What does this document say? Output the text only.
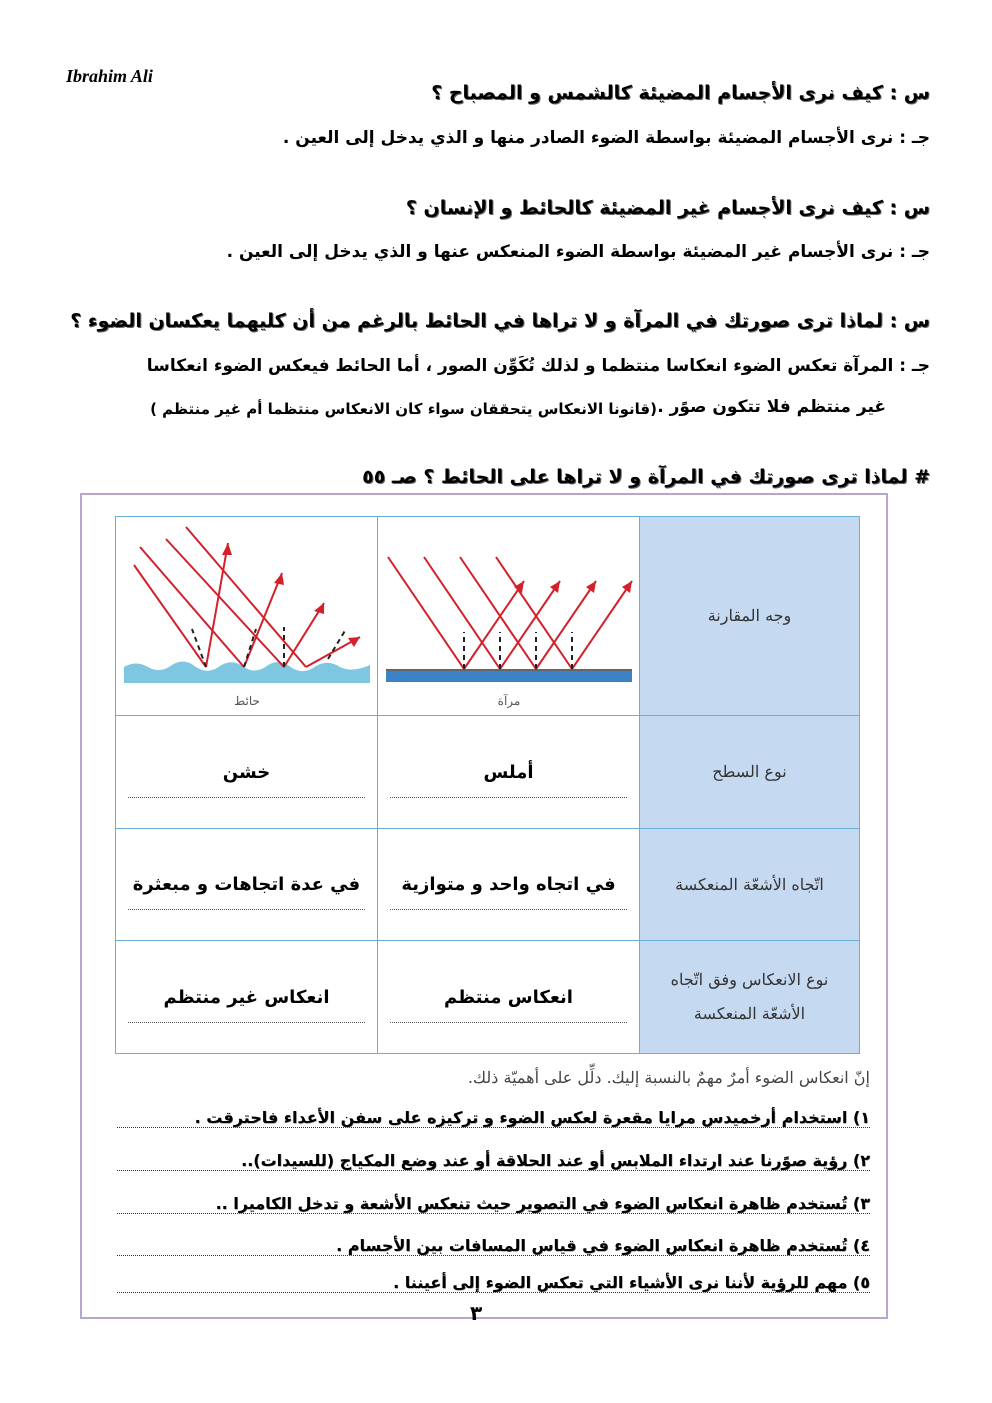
Ibrahim Ali
س : كيف نرى الأجسام المضيئة كالشمس و المصباح ؟
جـ : نرى الأجسام المضيئة بواسطة الضوء الصادر منها و الذي يدخل إلى العين .
س : كيف نرى الأجسام غير المضيئة كالحائط و الإنسان ؟
جـ : نرى الأجسام غير المضيئة بواسطة الضوء المنعكس عنها و الذي يدخل إلى العين .
س : لماذا ترى صورتك في المرآة و لا تراها في الحائط بالرغم من أن كليهما يعكسان الضوء ؟
جـ : المرآة تعكس الضوء انعكاسا منتظما و لذلك تُكَوِّن الصور ، أما الحائط فيعكس الضوء انعكاسا
غير منتظم فلا تتكون صوًر .
(قانونا الانعكاس يتحققان سواء كان الانعكاس منتظما أم غير منتظم )
# لماذا ترى صورتك في المرآة و لا تراها على الحائط ؟ صـ ٥٥
حائط	مرآة	وجه المقارنة
خشن	أملس	نوع السطح
في عدة اتجاهات و مبعثرة	في اتجاه واحد و متوازية	اتّجاه الأشعّة المنعكسة
انعكاس غير منتظم	انعكاس منتظم	نوع الانعكاس وفق اتّجاه الأشعّة المنعكسة
إنّ انعكاس الضوء أمرٌ مهمٌ بالنسبة إليك. دلِّل على أهميّة ذلك.
١) استخدام أرخميدس مرايا مقعرة لعكس الضوء و تركيزه على سفن الأعداء فاحترقت .
٢) رؤية صوًرنا عند ارتداء الملابس أو عند الحلاقة أو عند وضع المكياج (للسيدات)..
٣) تُستخدم ظاهرة انعكاس الضوء في التصوير حيث تنعكس الأشعة و تدخل الكاميرا ..
٤) تُستخدم ظاهرة انعكاس الضوء في قياس المسافات بين الأجسام .
٥) مهم للرؤية لأننا نرى الأشياء التي تعكس الضوء إلى أعيننا .
٣
